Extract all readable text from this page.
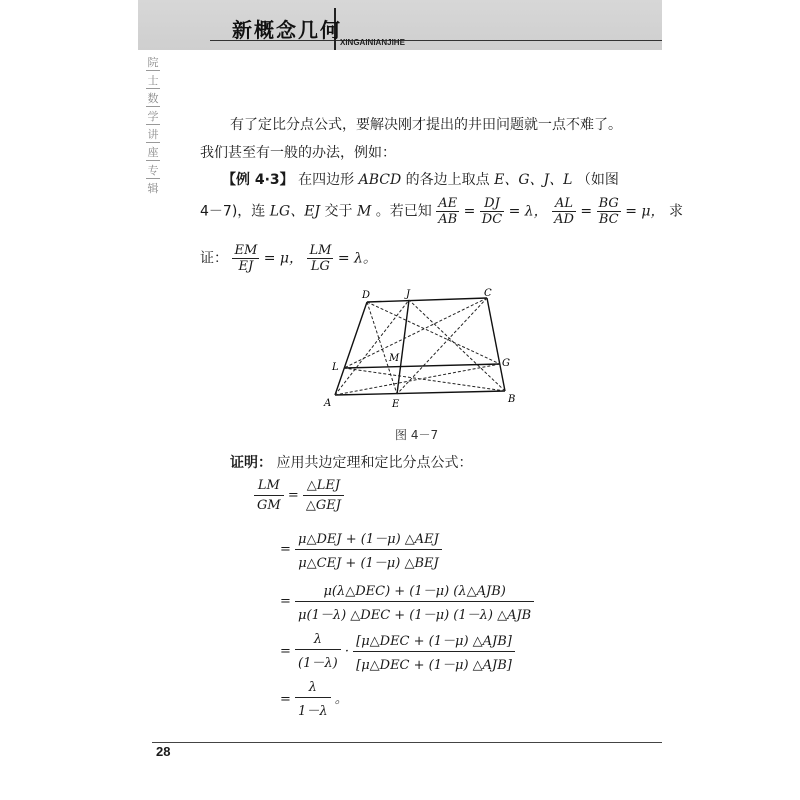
新概念几何
XINGAINIANJIHE
院
士
数
学
讲
座
专
辑
有了定比分点公式，要解决刚才提出的井田问题就一点不难了。
我们甚至有一般的办法，例如：
【例 4·3】 在四边形 ABCD 的各边上取点 E、G、J、L （如图
4－7)，连 LG、EJ 交于 M 。若已知 $\frac{AE}{AB} = \frac{DJ}{DC} = \lambda$， $\frac{AL}{AD} = \frac{BG}{BC} = \mu$， 求
证： $\frac{EM}{EJ} = \mu$， $\frac{LM}{LG} = \lambda$。
D	J	C
L
M	G
A	E	B
图 4－7
证明： 应用共边定理和定比分点公式：
$\frac{LM}{GM} = \frac{\text{△LEJ}}{\text{△GEJ}}$
= $\frac{\text{μ△DEJ + (1－μ) △AEJ}}{\text{μ△CEJ + (1－μ) △BEJ}}$
= $\frac{\text{μ(λ△DEC) + (1－μ) (λ△AJB)}}{\text{μ(1－λ) △DEC + (1－μ) (1－λ) △AJB}}$
= $\frac{\lambda}{(1-\lambda)} \cdot \frac{\text{[μ△DEC + (1－μ) △AJB]}}{\text{[μ△DEC + (1－μ) △AJB]}}$
= $\frac{\lambda}{1-\lambda}$ 。
28
